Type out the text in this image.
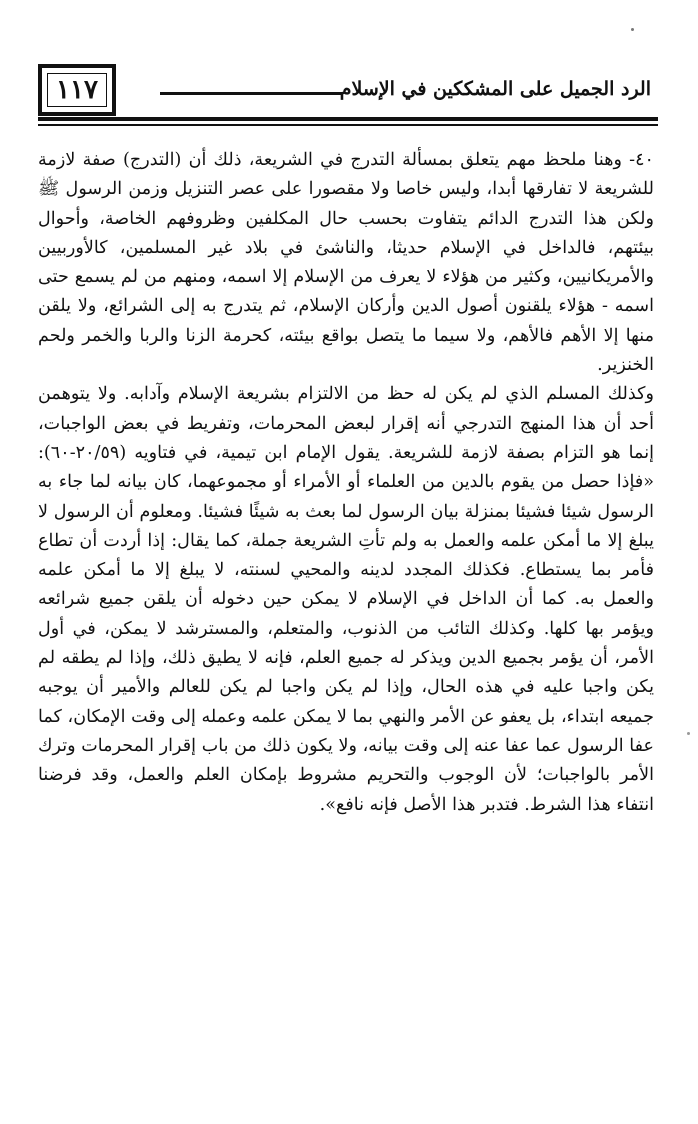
١١٧	الرد الجميل على المشككين في الإسلام

٤٠- وهنا ملحظ مهم يتعلق بمسألة التدرج في الشريعة، ذلك أن (التدرج) صفة لازمة للشريعة لا تفارقها أبدا، وليس خاصا ولا مقصورا على عصر التنزيل وزمن الرسول ﷺ ولكن هذا التدرج الدائم يتفاوت بحسب حال المكلفين وظروفهم الخاصة، وأحوال بيئتهم، فالداخل في الإسلام حديثا، والناشئ في بلاد غير المسلمين، كالأوربيين والأمريكانيين، وكثير من هؤلاء لا يعرف من الإسلام إلا اسمه، ومنهم من لم يسمع حتى اسمه - هؤلاء يلقنون أصول الدين وأركان الإسلام، ثم يتدرج به إلى الشرائع، ولا يلقن منها إلا الأهم فالأهم، ولا سيما ما يتصل بواقع بيئته، كحرمة الزنا والربا والخمر ولحم الخنزير.

وكذلك المسلم الذي لم يكن له حظ من الالتزام بشريعة الإسلام وآدابه. ولا يتوهمن أحد أن هذا المنهج التدرجي أنه إقرار لبعض المحرمات، وتفريط في بعض الواجبات، إنما هو التزام بصفة لازمة للشريعة. يقول الإمام ابن تيمية، في فتاويه (٢٠/٥٩-٦٠): «فإذا حصل من يقوم بالدين من العلماء أو الأمراء أو مجموعهما، كان بيانه لما جاء به الرسول شيئا فشيئا بمنزلة بيان الرسول لما بعث به شيئًا فشيئا. ومعلوم أن الرسول لا يبلغ إلا ما أمكن علمه والعمل به ولم تأتِ الشريعة جملة، كما يقال: إذا أردت أن تطاع فأمر بما يستطاع. فكذلك المجدد لدينه والمحيي لسنته، لا يبلغ إلا ما أمكن علمه والعمل به. كما أن الداخل في الإسلام لا يمكن حين دخوله أن يلقن جميع شرائعه ويؤمر بها كلها. وكذلك التائب من الذنوب، والمتعلم، والمسترشد لا يمكن، في أول الأمر، أن يؤمر بجميع الدين ويذكر له جميع العلم، فإنه لا يطيق ذلك، وإذا لم يطقه لم يكن واجبا عليه في هذه الحال، وإذا لم يكن واجبا لم يكن للعالم والأمير أن يوجبه جميعه ابتداء، بل يعفو عن الأمر والنهي بما لا يمكن علمه وعمله إلى وقت الإمكان، كما عفا الرسول عما عفا عنه إلى وقت بيانه، ولا يكون ذلك من باب إقرار المحرمات وترك الأمر بالواجبات؛ لأن الوجوب والتحريم مشروط بإمكان العلم والعمل، وقد فرضنا انتفاء هذا الشرط. فتدبر هذا الأصل فإنه نافع».
